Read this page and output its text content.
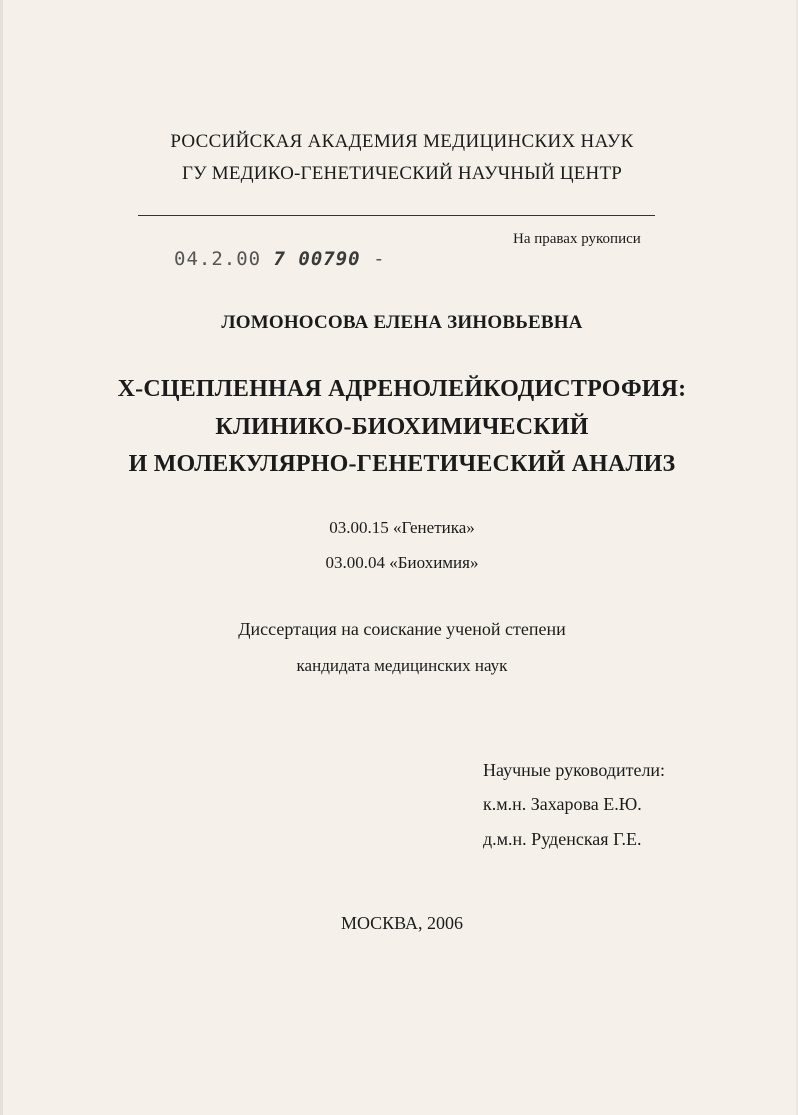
РОССИЙСКАЯ АКАДЕМИЯ МЕДИЦИНСКИХ НАУК
ГУ МЕДИКО-ГЕНЕТИЧЕСКИЙ НАУЧНЫЙ ЦЕНТР
На правах рукописи
04.2.00 7 00790 -
ЛОМОНОСОВА ЕЛЕНА ЗИНОВЬЕВНА
Х-СЦЕПЛЕННАЯ АДРЕНОЛЕЙКОДИСТРОФИЯ:
КЛИНИКО-БИОХИМИЧЕСКИЙ
И МОЛЕКУЛЯРНО-ГЕНЕТИЧЕСКИЙ АНАЛИЗ
03.00.15 «Генетика»
03.00.04 «Биохимия»
Диссертация на соискание ученой степени
кандидата медицинских наук
Научные руководители:
к.м.н. Захарова Е.Ю.
д.м.н. Руденская Г.Е.
МОСКВА, 2006
